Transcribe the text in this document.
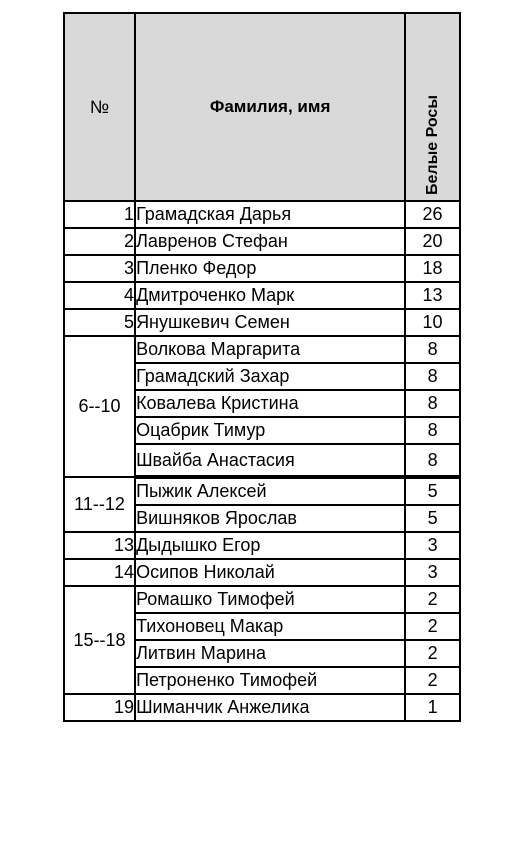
№	Фамилия, имя	Белые Росы
1	Грамадская Дарья	26
2	Лавренов Стефан	20
3	Пленко Федор	18
4	Дмитроченко Марк	13
5	Янушкевич Семен	10
6--10	Волкова Маргарита	8
	Грамадский Захар	8
	Ковалева Кристина	8
	Оцабрик Тимур	8
	Швайба Анастасия	8
11--12	Пыжик Алексей	5
	Вишняков Ярослав	5
13	Дыдышко Егор	3
14	Осипов Николай	3
15--18	Ромашко Тимофей	2
	Тихоновец Макар	2
	Литвин Марина	2
	Петроненко Тимофей	2
19	Шиманчик Анжелика	1
